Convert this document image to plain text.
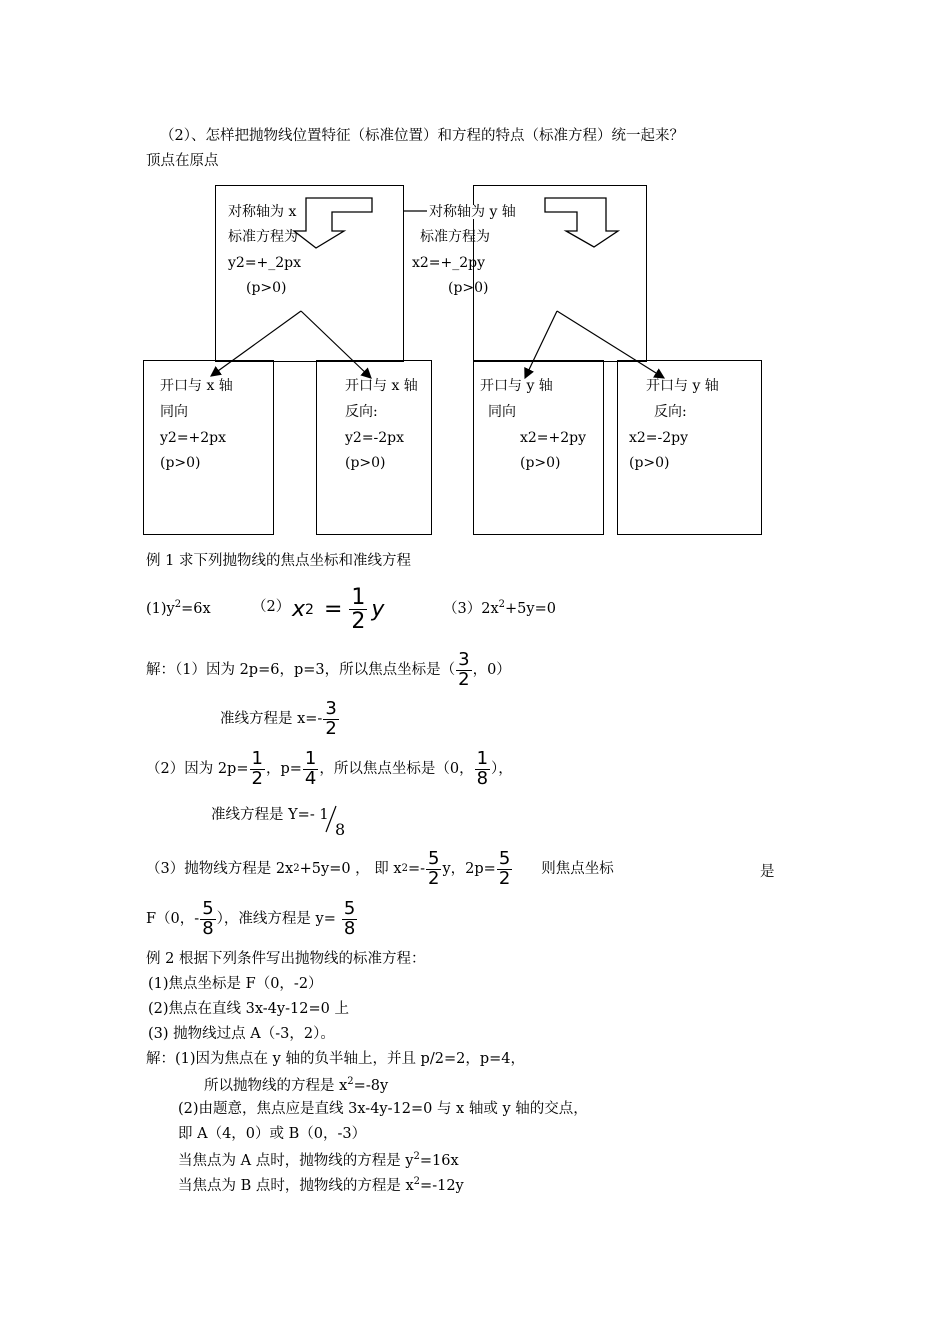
（2）、怎样把抛物线位置特征（标准位置）和方程的特点（标准方程）统一起来？
顶点在原点
对称轴为 x
标准方程为
y2=+_2px
(p>0)
对称轴为 y 轴
标准方程为
x2=+_2py
(p>0)
开口与 x 轴
同向
y2=+2px
(p>0)
开口与 x 轴
反向:
y2=-2px
(p>0)
开口与 y 轴
同向
x2=+2py
(p>0)
开口与 y 轴
反向:
x2=-2py
(p>0)
例 1 求下列抛物线的焦点坐标和准线方程
$(1)y^2=6x$	（2） x $2 = \frac{1}{2}$ y	$(3)2x^2+5y=0$
解：（1）因为 2p=6，p=3，所以焦点坐标是（ $\frac{3}{2}$ ，0）
准线方程是 $x=- \frac{3}{2}$
（2）因为 $2p= \frac{1}{2}$ ，$p= \frac{1}{4}$ ，所以焦点坐标是（0， $\frac{1}{8}$ ），
准线方程是 Y=- 1
8
（3）抛物线方程是 2x 2 +5y=0 ， 即 x $2 =- \frac{5}{2}$ y，$2p= \frac{5}{2}$ 则焦点坐标	是
F（0，- $\frac{5}{8}$ ），准线方程是 $y= \frac{5}{8}$
例 2 根据下列条件写出抛物线的标准方程：
(1)焦点坐标是 F（0，-2）
(2)焦点在直线 3x-4y-12=0 上
(3) 抛物线过点 A（-3，2）。
解：(1)因为焦点在 y 轴的负半轴上，并且 p/2=2，p=4，
所以抛物线的方程是 $x^2=-8y$
(2)由题意，焦点应是直线 3x-4y-12=0 与 x 轴或 y 轴的交点，
即 A（4，0）或 B（0，-3）
当焦点为 A 点时，抛物线的方程是 $y^2=16x$
当焦点为 B 点时，抛物线的方程是 $x^2=-12y$
